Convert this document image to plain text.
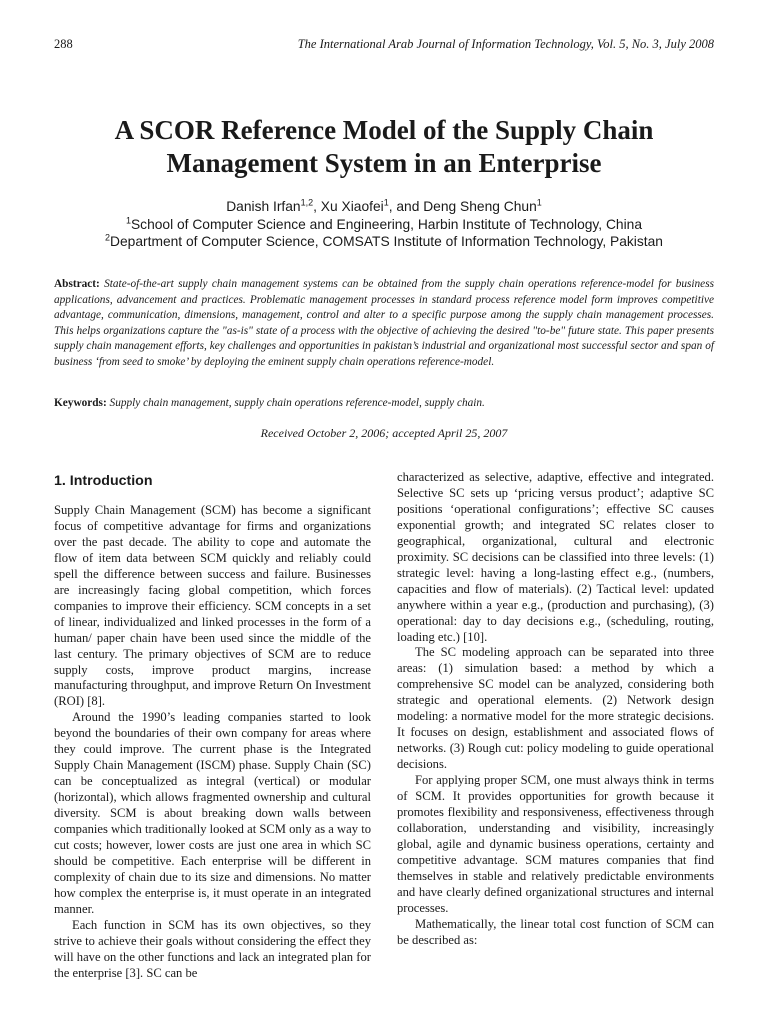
288	The International Arab Journal of Information Technology, Vol. 5, No. 3, July 2008
A SCOR Reference Model of the Supply Chain
Management System in an Enterprise
Danish Irfan$^{1,2}$, Xu Xiaofei$^1$, and Deng Sheng Chun$^1$
$^1$School of Computer Science and Engineering, Harbin Institute of Technology, China
$^2$Department of Computer Science, COMSATS Institute of Information Technology, Pakistan
Abstract: State-of-the-art supply chain management systems can be obtained from the supply chain operations reference-model for business applications, advancement and practices. Problematic management processes in standard process reference model form improves competitive advantage, communication, dimensions, management, control and alter to a specific purpose among the supply chain management processes. This helps organizations capture the "as-is" state of a process with the objective of achieving the desired "to-be" future state. This paper presents supply chain management efforts, key challenges and opportunities in pakistan’s industrial and organizational most successful sector and span of business ‘from seed to smoke’ by deploying the eminent supply chain operations reference-model.
Keywords: Supply chain management, supply chain operations reference-model, supply chain.
Received October 2, 2006; accepted April 25, 2007
1. Introduction

Supply Chain Management (SCM) has become a significant focus of competitive advantage for firms and organizations over the past decade. The ability to cope and automate the flow of item data between SCM quickly and reliably could spell the difference between success and failure. Businesses are increasingly facing global competition, which forces companies to improve their efficiency. SCM concepts in a set of linear, individualized and linked processes in the form of a human/ paper chain have been used since the middle of the last century. The primary objectives of SCM are to reduce supply costs, improve product margins, increase manufacturing throughput, and improve Return On Investment (ROI) [8].

Around the 1990’s leading companies started to look beyond the boundaries of their own company for areas where they could improve. The current phase is the Integrated Supply Chain Management (ISCM) phase. Supply Chain (SC) can be conceptualized as integral (vertical) or modular (horizontal), which allows fragmented ownership and cultural diversity. SCM is about breaking down walls between companies which traditionally looked at SCM only as a way to cut costs; however, lower costs are just one area in which SC should be competitive. Each enterprise will be different in complexity of chain due to its size and dimensions. No matter how complex the enterprise is, it must operate in an integrated manner.

Each function in SCM has its own objectives, so they strive to achieve their goals without considering the effect they will have on the other functions and lack an integrated plan for the enterprise [3]. SC can be

characterized as selective, adaptive, effective and integrated. Selective SC sets up ‘pricing versus product’; adaptive SC positions ‘operational configurations’; effective SC causes exponential growth; and integrated SC relates closer to geographical, organizational, cultural and electronic proximity. SC decisions can be classified into three levels: (1) strategic level: having a long-lasting effect e.g., (numbers, capacities and flow of materials). (2) Tactical level: updated anywhere within a year e.g., (production and purchasing), (3) operational: day to day decisions e.g., (scheduling, routing, loading etc.) [10].

The SC modeling approach can be separated into three areas: (1) simulation based: a method by which a comprehensive SC model can be analyzed, considering both strategic and operational elements. (2) Network design modeling: a normative model for the more strategic decisions. It focuses on design, establishment and associated flows of networks. (3) Rough cut: policy modeling to guide operational decisions.

For applying proper SCM, one must always think in terms of SCM. It provides opportunities for growth because it promotes flexibility and responsiveness, effectiveness through collaboration, understanding and visibility, increasingly global, agile and dynamic business operations, certainty and competitive advantage. SCM matures companies that find themselves in stable and relatively predictable environments and have clearly defined organizational structures and internal processes.

Mathematically, the linear total cost function of SCM can be described as:
